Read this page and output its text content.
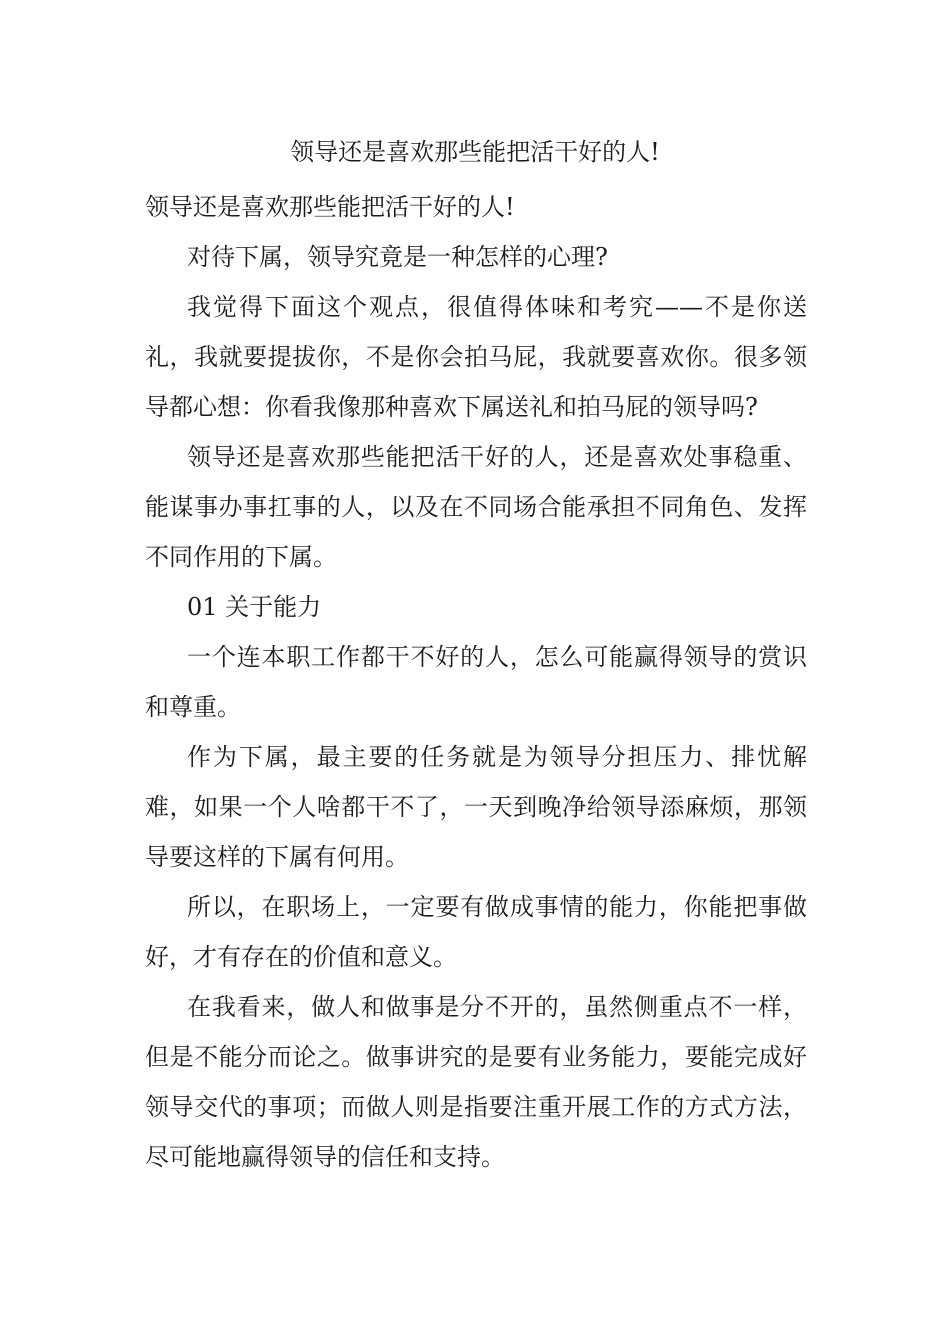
领导还是喜欢那些能把活干好的人!

领导还是喜欢那些能把活干好的人!

对待下属，领导究竟是一种怎样的心理?

我觉得下面这个观点，很值得体味和考究——不是你送礼，我就要提拔你，不是你会拍马屁，我就要喜欢你。很多领导都心想：你看我像那种喜欢下属送礼和拍马屁的领导吗?

领导还是喜欢那些能把活干好的人，还是喜欢处事稳重、能谋事办事扛事的人，以及在不同场合能承担不同角色、发挥不同作用的下属。

01 关于能力

一个连本职工作都干不好的人，怎么可能赢得领导的赏识和尊重。

作为下属，最主要的任务就是为领导分担压力、排忧解难，如果一个人啥都干不了，一天到晚净给领导添麻烦，那领导要这样的下属有何用。

所以，在职场上，一定要有做成事情的能力，你能把事做好，才有存在的价值和意义。

在我看来，做人和做事是分不开的，虽然侧重点不一样，但是不能分而论之。做事讲究的是要有业务能力，要能完成好领导交代的事项；而做人则是指要注重开展工作的方式方法，尽可能地赢得领导的信任和支持。
